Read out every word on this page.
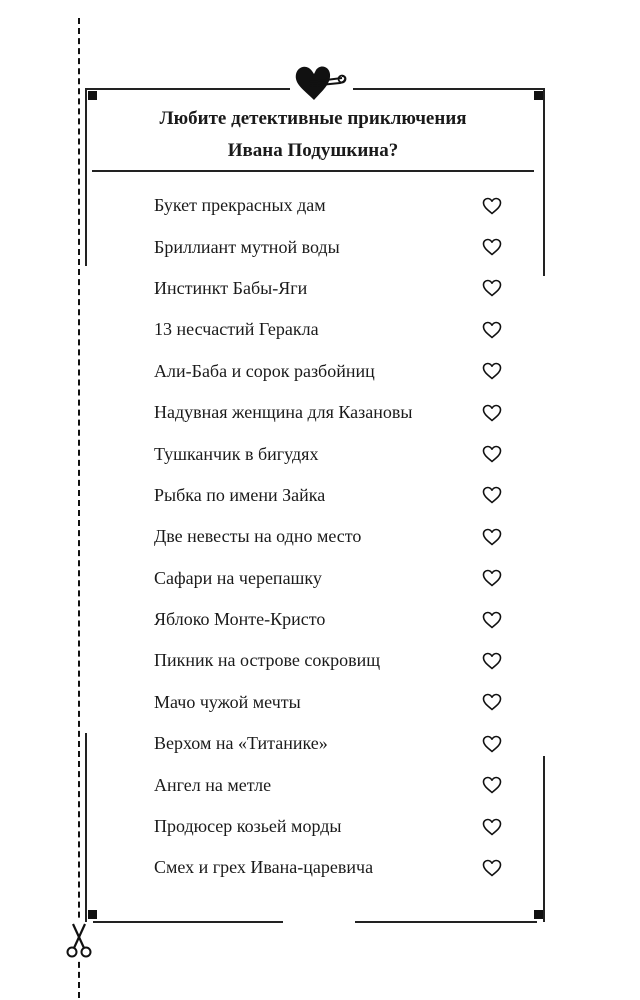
Любите детективные приключения
Ивана Подушкина?
Букет прекрасных дам
Бриллиант мутной воды
Инстинкт Бабы-Яги
13 несчастий Геракла
Али-Баба и сорок разбойниц
Надувная женщина для Казановы
Тушканчик в бигудях
Рыбка по имени Зайка
Две невесты на одно место
Сафари на черепашку
Яблоко Монте-Кристо
Пикник на острове сокровищ
Мачо чужой мечты
Верхом на «Титанике»
Ангел на метле
Продюсер козьей морды
Смех и грех Ивана-царевича
